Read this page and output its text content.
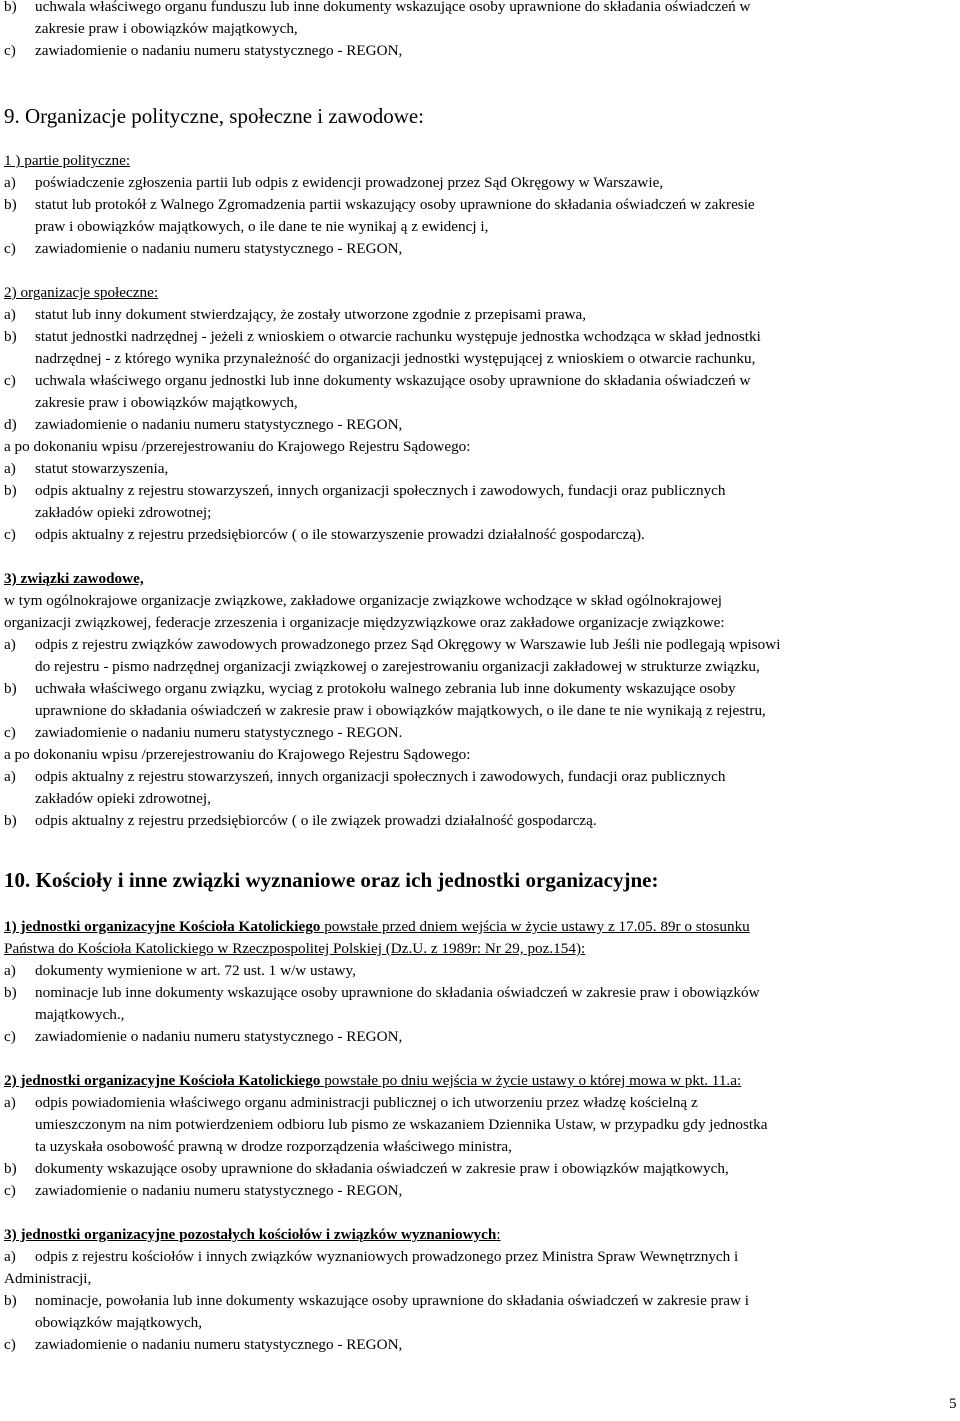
b)	uchwala właściwego organu funduszu lub inne dokumenty wskazujące osoby uprawnione do składania oświadczeń w
zakresie praw i obowiązków majątkowych,
c)	zawiadomienie o nadaniu numeru statystycznego - REGON,
9. Organizacje polityczne, społeczne i zawodowe:
1 ) partie polityczne:
a)	poświadczenie zgłoszenia partii lub odpis z ewidencji prowadzonej przez Sąd Okręgowy w Warszawie,
b)	statut lub protokół z Walnego Zgromadzenia partii wskazujący osoby uprawnione do składania oświadczeń w zakresie
praw i obowiązków majątkowych, o ile dane te nie wynikaj ą z ewidencj i,
c)	zawiadomienie o nadaniu numeru statystycznego - REGON,
2) organizacje społeczne:
a)	statut lub inny dokument stwierdzający, że zostały utworzone zgodnie z przepisami prawa,
b)	statut jednostki nadrzędnej - jeżeli z wnioskiem o otwarcie rachunku występuje jednostka wchodząca w skład jednostki
nadrzędnej - z którego wynika przynależność do organizacji jednostki występującej z wnioskiem o otwarcie rachunku,
c)	uchwala właściwego organu jednostki lub inne dokumenty wskazujące osoby uprawnione do składania oświadczeń w
zakresie praw i obowiązków majątkowych,
d)	zawiadomienie o nadaniu numeru statystycznego - REGON,
a po dokonaniu wpisu /przerejestrowaniu do Krajowego Rejestru Sądowego:
a)	statut stowarzyszenia,
b)	odpis aktualny z rejestru stowarzyszeń, innych organizacji społecznych i zawodowych, fundacji oraz publicznych
zakładów opieki zdrowotnej;
c)	odpis aktualny z rejestru przedsiębiorców ( o ile stowarzyszenie prowadzi działalność gospodarczą).
3) związki zawodowe,
w tym ogólnokrajowe organizacje związkowe, zakładowe organizacje związkowe wchodzące w skład ogólnokrajowej
organizacji związkowej, federacje zrzeszenia i organizacje międzyzwiązkowe oraz zakładowe organizacje związkowe:
a)	odpis z rejestru związków zawodowych prowadzonego przez Sąd Okręgowy w Warszawie lub Jeśli nie podlegają wpisowi
do rejestru - pismo nadrzędnej organizacji związkowej o zarejestrowaniu organizacji zakładowej w strukturze związku,
b)	uchwała właściwego organu związku, wyciag z protokołu walnego zebrania lub inne dokumenty wskazujące osoby
uprawnione do składania oświadczeń w zakresie praw i obowiązków majątkowych, o ile dane te nie wynikają z rejestru,
c)	zawiadomienie o nadaniu numeru statystycznego - REGON.
a po dokonaniu wpisu /przerejestrowaniu do Krajowego Rejestru Sądowego:
a)	odpis aktualny z rejestru stowarzyszeń, innych organizacji społecznych i zawodowych, fundacji oraz publicznych
zakładów opieki zdrowotnej,
b)	odpis aktualny z rejestru przedsiębiorców ( o ile związek prowadzi działalność gospodarczą.
10. Kościoły i inne związki wyznaniowe oraz ich jednostki organizacyjne:
1) jednostki organizacyjne Kościoła Katolickiego powstałe przed dniem wejścia w życie ustawy z 17.05. 89r o stosunku
Państwa do Kościoła Katolickiego w Rzeczpospolitej Polskiej (Dz.U. z 1989r: Nr 29, poz.154):
a)	dokumenty wymienione w art. 72 ust. 1 w/w ustawy,
b)	nominacje lub inne dokumenty wskazujące osoby uprawnione do składania oświadczeń w zakresie praw i obowiązków
majątkowych.,
c)	zawiadomienie o nadaniu numeru statystycznego - REGON,
2) jednostki organizacyjne Kościoła Katolickiego powstałe po dniu wejścia w życie ustawy o której mowa w pkt. 11.a:
a)	odpis powiadomienia właściwego organu administracji publicznej o ich utworzeniu przez władzę kościelną z
umieszczonym na nim potwierdzeniem odbioru lub pismo ze wskazaniem Dziennika Ustaw, w przypadku gdy jednostka
ta uzyskała osobowość prawną w drodze rozporządzenia właściwego ministra,
b)	dokumenty wskazujące osoby uprawnione do składania oświadczeń w zakresie praw i obowiązków majątkowych,
c)	zawiadomienie o nadaniu numeru statystycznego - REGON,
3) jednostki organizacyjne pozostałych kościołów i związków wyznaniowych:
a)	odpis z rejestru kościołów i innych związków wyznaniowych prowadzonego przez Ministra Spraw Wewnętrznych i
Administracji,
b)	nominacje, powołania lub inne dokumenty wskazujące osoby uprawnione do składania oświadczeń w zakresie praw i
obowiązków majątkowych,
c)	zawiadomienie o nadaniu numeru statystycznego - REGON,
5
